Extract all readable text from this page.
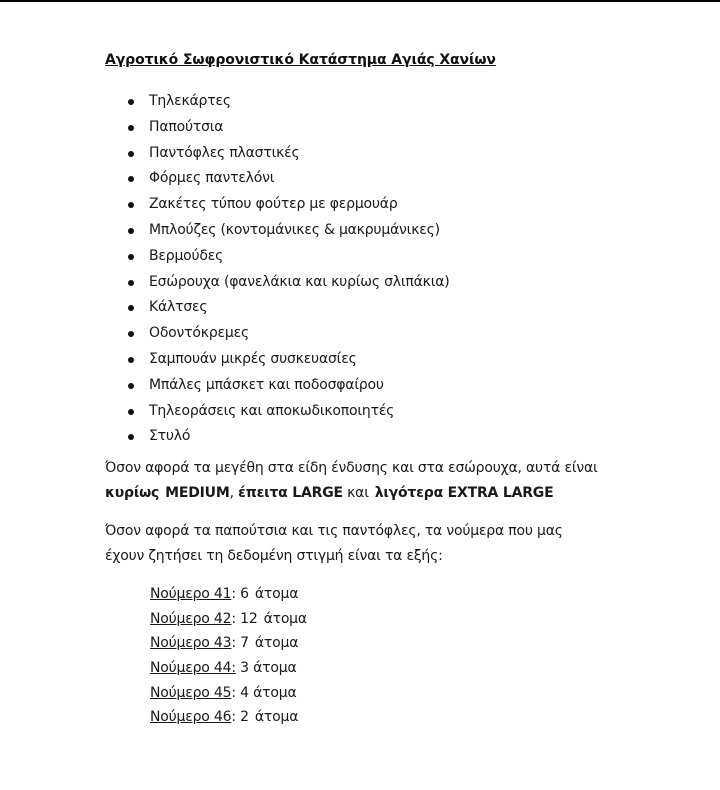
Αγροτικό Σωφρονιστικό Κατάστημα Αγιάς Χανίων
Τηλεκάρτες
Παπούτσια
Παντόφλες πλαστικές
Φόρμες παντελόνι
Ζακέτες τύπου φούτερ με φερμουάρ
Μπλούζες (κοντομάνικες & μακρυμάνικες)
Βερμούδες
Εσώρουχα (φανελάκια και κυρίως σλιπάκια)
Κάλτσες
Οδοντόκρεμες
Σαμπουάν μικρές συσκευασίες
Μπάλες μπάσκετ και ποδοσφαίρου
Τηλεοράσεις και αποκωδικοποιητές
Στυλό
Όσον αφορά τα μεγέθη στα είδη ένδυσης και στα εσώρουχα, αυτά είναι
κυρίως MEDIUM, έπειτα LARGE και λιγότερα EXTRA LARGE
Όσον αφορά τα παπούτσια και τις παντόφλες, τα νούμερα που μας
έχουν ζητήσει τη δεδομένη στιγμή είναι τα εξής:
Νούμερο 41: 6 άτομα
Νούμερο 42: 12 άτομα
Νούμερο 43: 7 άτομα
Νούμερο 44: 3 άτομα
Νούμερο 45: 4 άτομα
Νούμερο 46: 2 άτομα
